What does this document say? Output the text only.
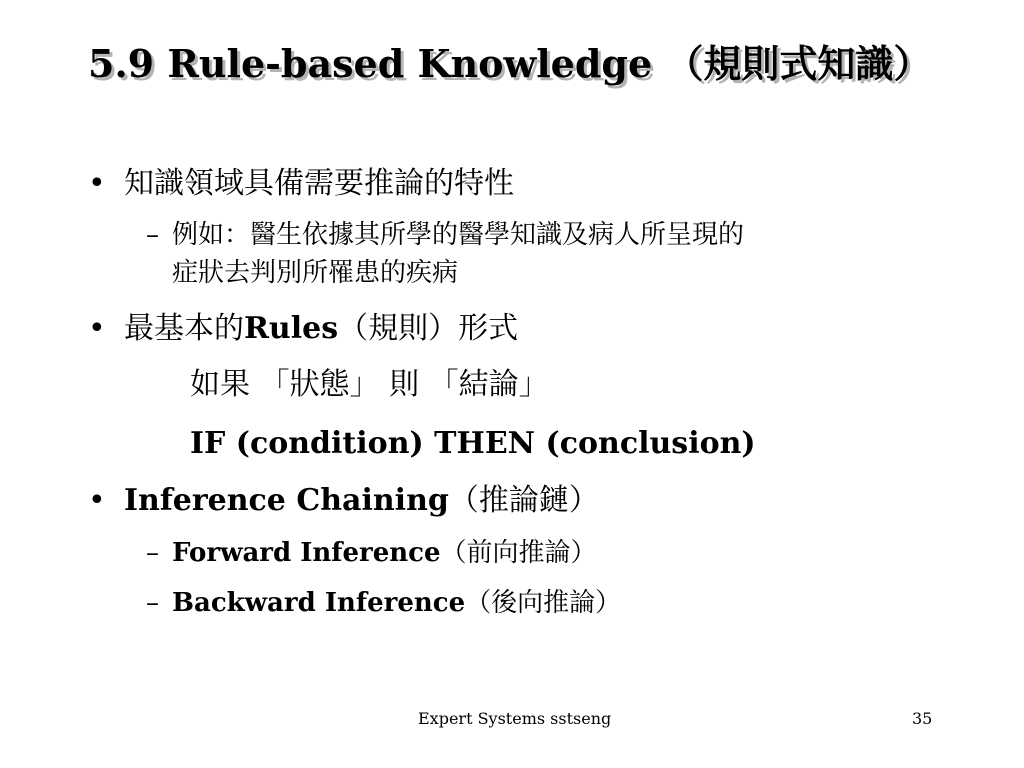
5.9 Rule-based Knowledge （規則式知識）
• 知識領域具備需要推論的特性
– 例如：醫生依據其所學的醫學知識及病人所呈現的
症狀去判別所罹患的疾病
• 最基本的Rules（規則）形式
如果 「狀態」 則 「結論」
IF (condition) THEN (conclusion)
• Inference Chaining（推論鏈）
– Forward Inference（前向推論）
– Backward Inference（後向推論）
Expert Systems sstseng	35
